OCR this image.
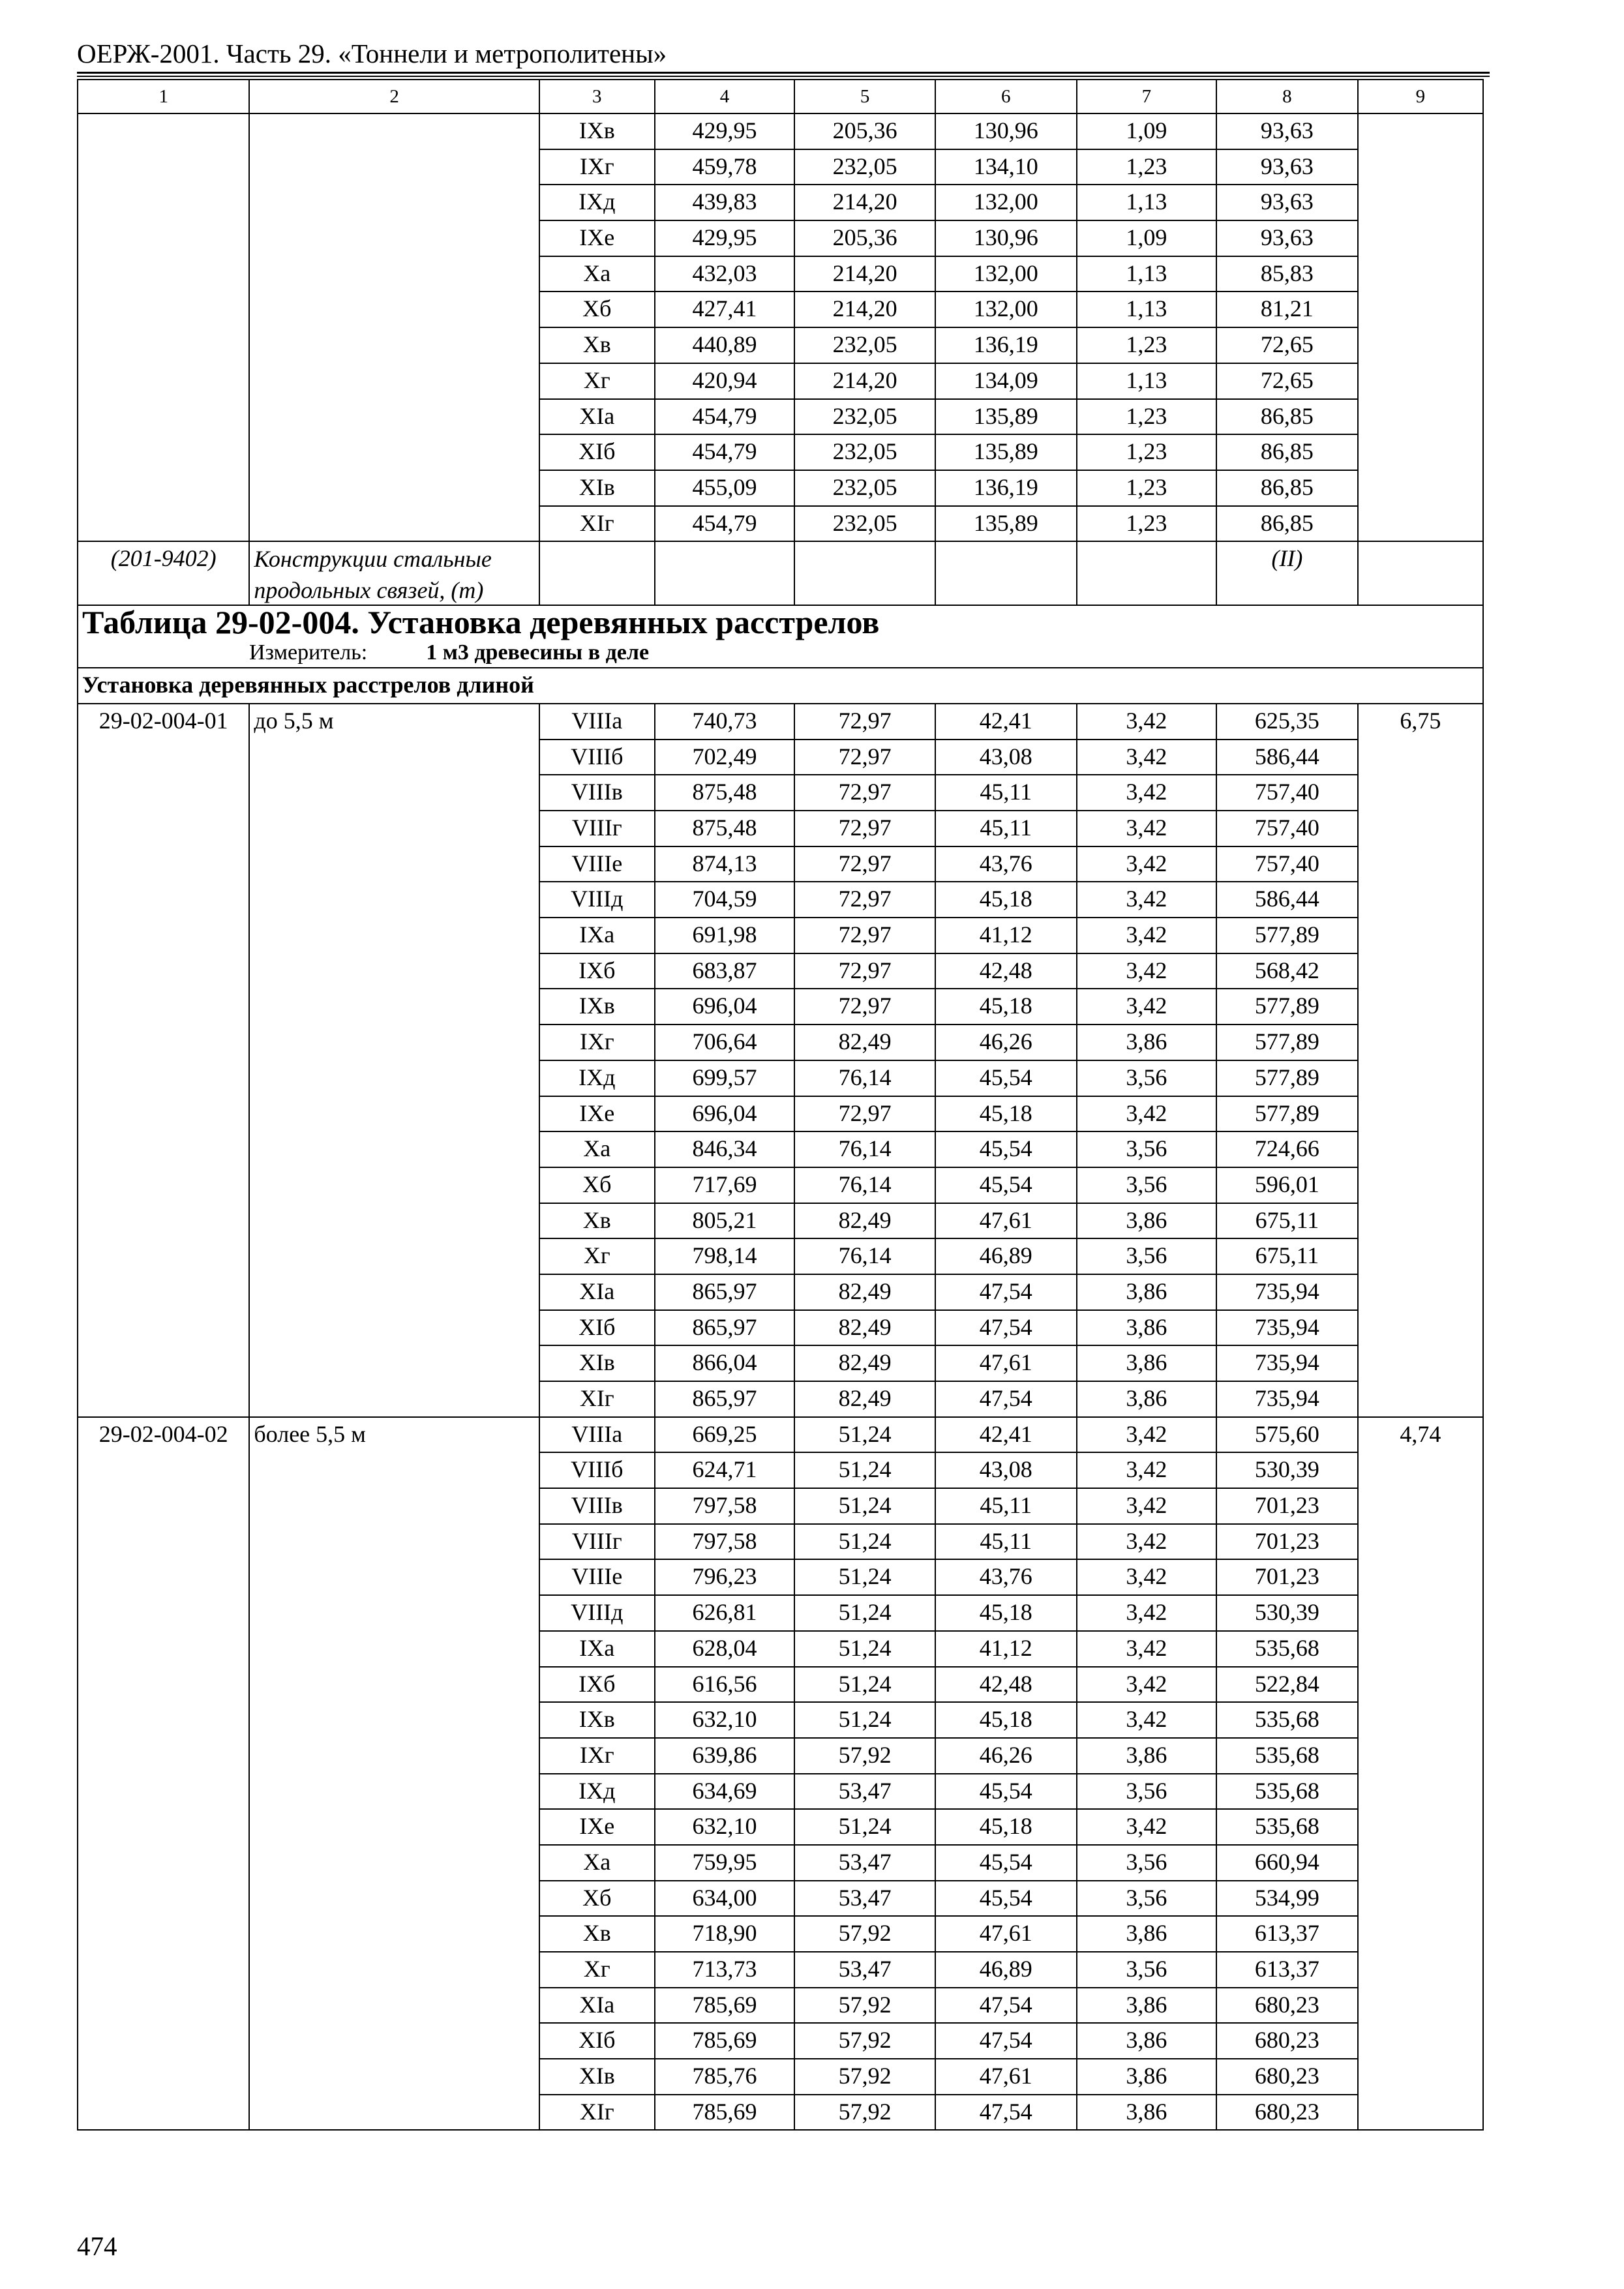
ОЕРЖ-2001. Часть 29. «Тоннели и метрополитены»
1	2	3	4	5	6	7	8	9
		IXв	429,95	205,36	130,96	1,09	93,63	
		IXг	459,78	232,05	134,10	1,23	93,63	
		IXд	439,83	214,20	132,00	1,13	93,63	
		IXе	429,95	205,36	130,96	1,09	93,63	
		Xа	432,03	214,20	132,00	1,13	85,83	
		Xб	427,41	214,20	132,00	1,13	81,21	
		Xв	440,89	232,05	136,19	1,23	72,65	
		Xг	420,94	214,20	134,09	1,13	72,65	
		XIа	454,79	232,05	135,89	1,23	86,85	
		XIб	454,79	232,05	135,89	1,23	86,85	
		XIв	455,09	232,05	136,19	1,23	86,85	
		XIг	454,79	232,05	135,89	1,23	86,85	
(201-9402)	Конструкции стальные
продольных связей, (т)						(II)	

Таблица 29-02-004. Установка деревянных расстрелов
Измеритель: 1 м3 древесины в деле								

Установка деревянных расстрелов длиной								
29-02-004-01	до 5,5 м	VIIIа	740,73	72,97	42,41	3,42	625,35	6,75
		VIIIб	702,49	72,97	43,08	3,42	586,44	
		VIIIв	875,48	72,97	45,11	3,42	757,40	
		VIIIг	875,48	72,97	45,11	3,42	757,40	
		VIIIе	874,13	72,97	43,76	3,42	757,40	
		VIIIд	704,59	72,97	45,18	3,42	586,44	
		IXа	691,98	72,97	41,12	3,42	577,89	
		IXб	683,87	72,97	42,48	3,42	568,42	
		IXв	696,04	72,97	45,18	3,42	577,89	
		IXг	706,64	82,49	46,26	3,86	577,89	
		IXд	699,57	76,14	45,54	3,56	577,89	
		IXе	696,04	72,97	45,18	3,42	577,89	
		Xа	846,34	76,14	45,54	3,56	724,66	
		Xб	717,69	76,14	45,54	3,56	596,01	
		Xв	805,21	82,49	47,61	3,86	675,11	
		Xг	798,14	76,14	46,89	3,56	675,11	
		XIа	865,97	82,49	47,54	3,86	735,94	
		XIб	865,97	82,49	47,54	3,86	735,94	
		XIв	866,04	82,49	47,61	3,86	735,94	
		XIг	865,97	82,49	47,54	3,86	735,94	
29-02-004-02	более 5,5 м	VIIIа	669,25	51,24	42,41	3,42	575,60	4,74
		VIIIб	624,71	51,24	43,08	3,42	530,39	
		VIIIв	797,58	51,24	45,11	3,42	701,23	
		VIIIг	797,58	51,24	45,11	3,42	701,23	
		VIIIе	796,23	51,24	43,76	3,42	701,23	
		VIIIд	626,81	51,24	45,18	3,42	530,39	
		IXа	628,04	51,24	41,12	3,42	535,68	
		IXб	616,56	51,24	42,48	3,42	522,84	
		IXв	632,10	51,24	45,18	3,42	535,68	
		IXг	639,86	57,92	46,26	3,86	535,68	
		IXд	634,69	53,47	45,54	3,56	535,68	
		IXе	632,10	51,24	45,18	3,42	535,68	
		Xа	759,95	53,47	45,54	3,56	660,94	
		Xб	634,00	53,47	45,54	3,56	534,99	
		Xв	718,90	57,92	47,61	3,86	613,37	
		Xг	713,73	53,47	46,89	3,56	613,37	
		XIа	785,69	57,92	47,54	3,86	680,23	
		XIб	785,69	57,92	47,54	3,86	680,23	
		XIв	785,76	57,92	47,61	3,86	680,23	
		XIг	785,69	57,92	47,54	3,86	680,23	
474
